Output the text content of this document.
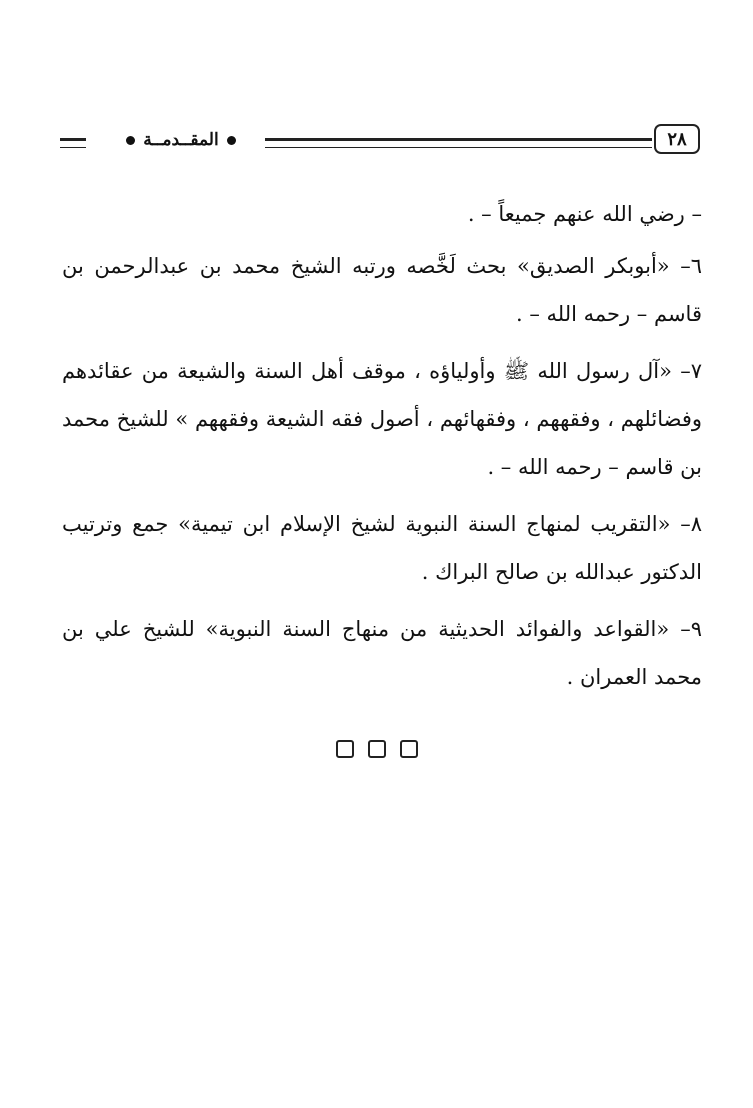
المقــدمــة	٢٨

– رضي الله عنهم جميعاً – .

٦– «أبوبكر الصديق» بحث لَخَّصه ورتبه الشيخ محمد بن عبدالرحمن بن قاسم – رحمه الله – .

٧– «آل رسول الله ﷺ وأولياؤه ، موقف أهل السنة والشيعة من عقائدهم وفضائلهم ، وفقههم ، وفقهائهم ، أصول فقه الشيعة وفقههم » للشيخ محمد بن قاسم – رحمه الله – .

٨– «التقريب لمنهاج السنة النبوية لشيخ الإسلام ابن تيمية» جمع وترتيب الدكتور عبدالله بن صالح البراك .

٩– «القواعد والفوائد الحديثية من منهاج السنة النبوية» للشيخ علي بن محمد العمران .
